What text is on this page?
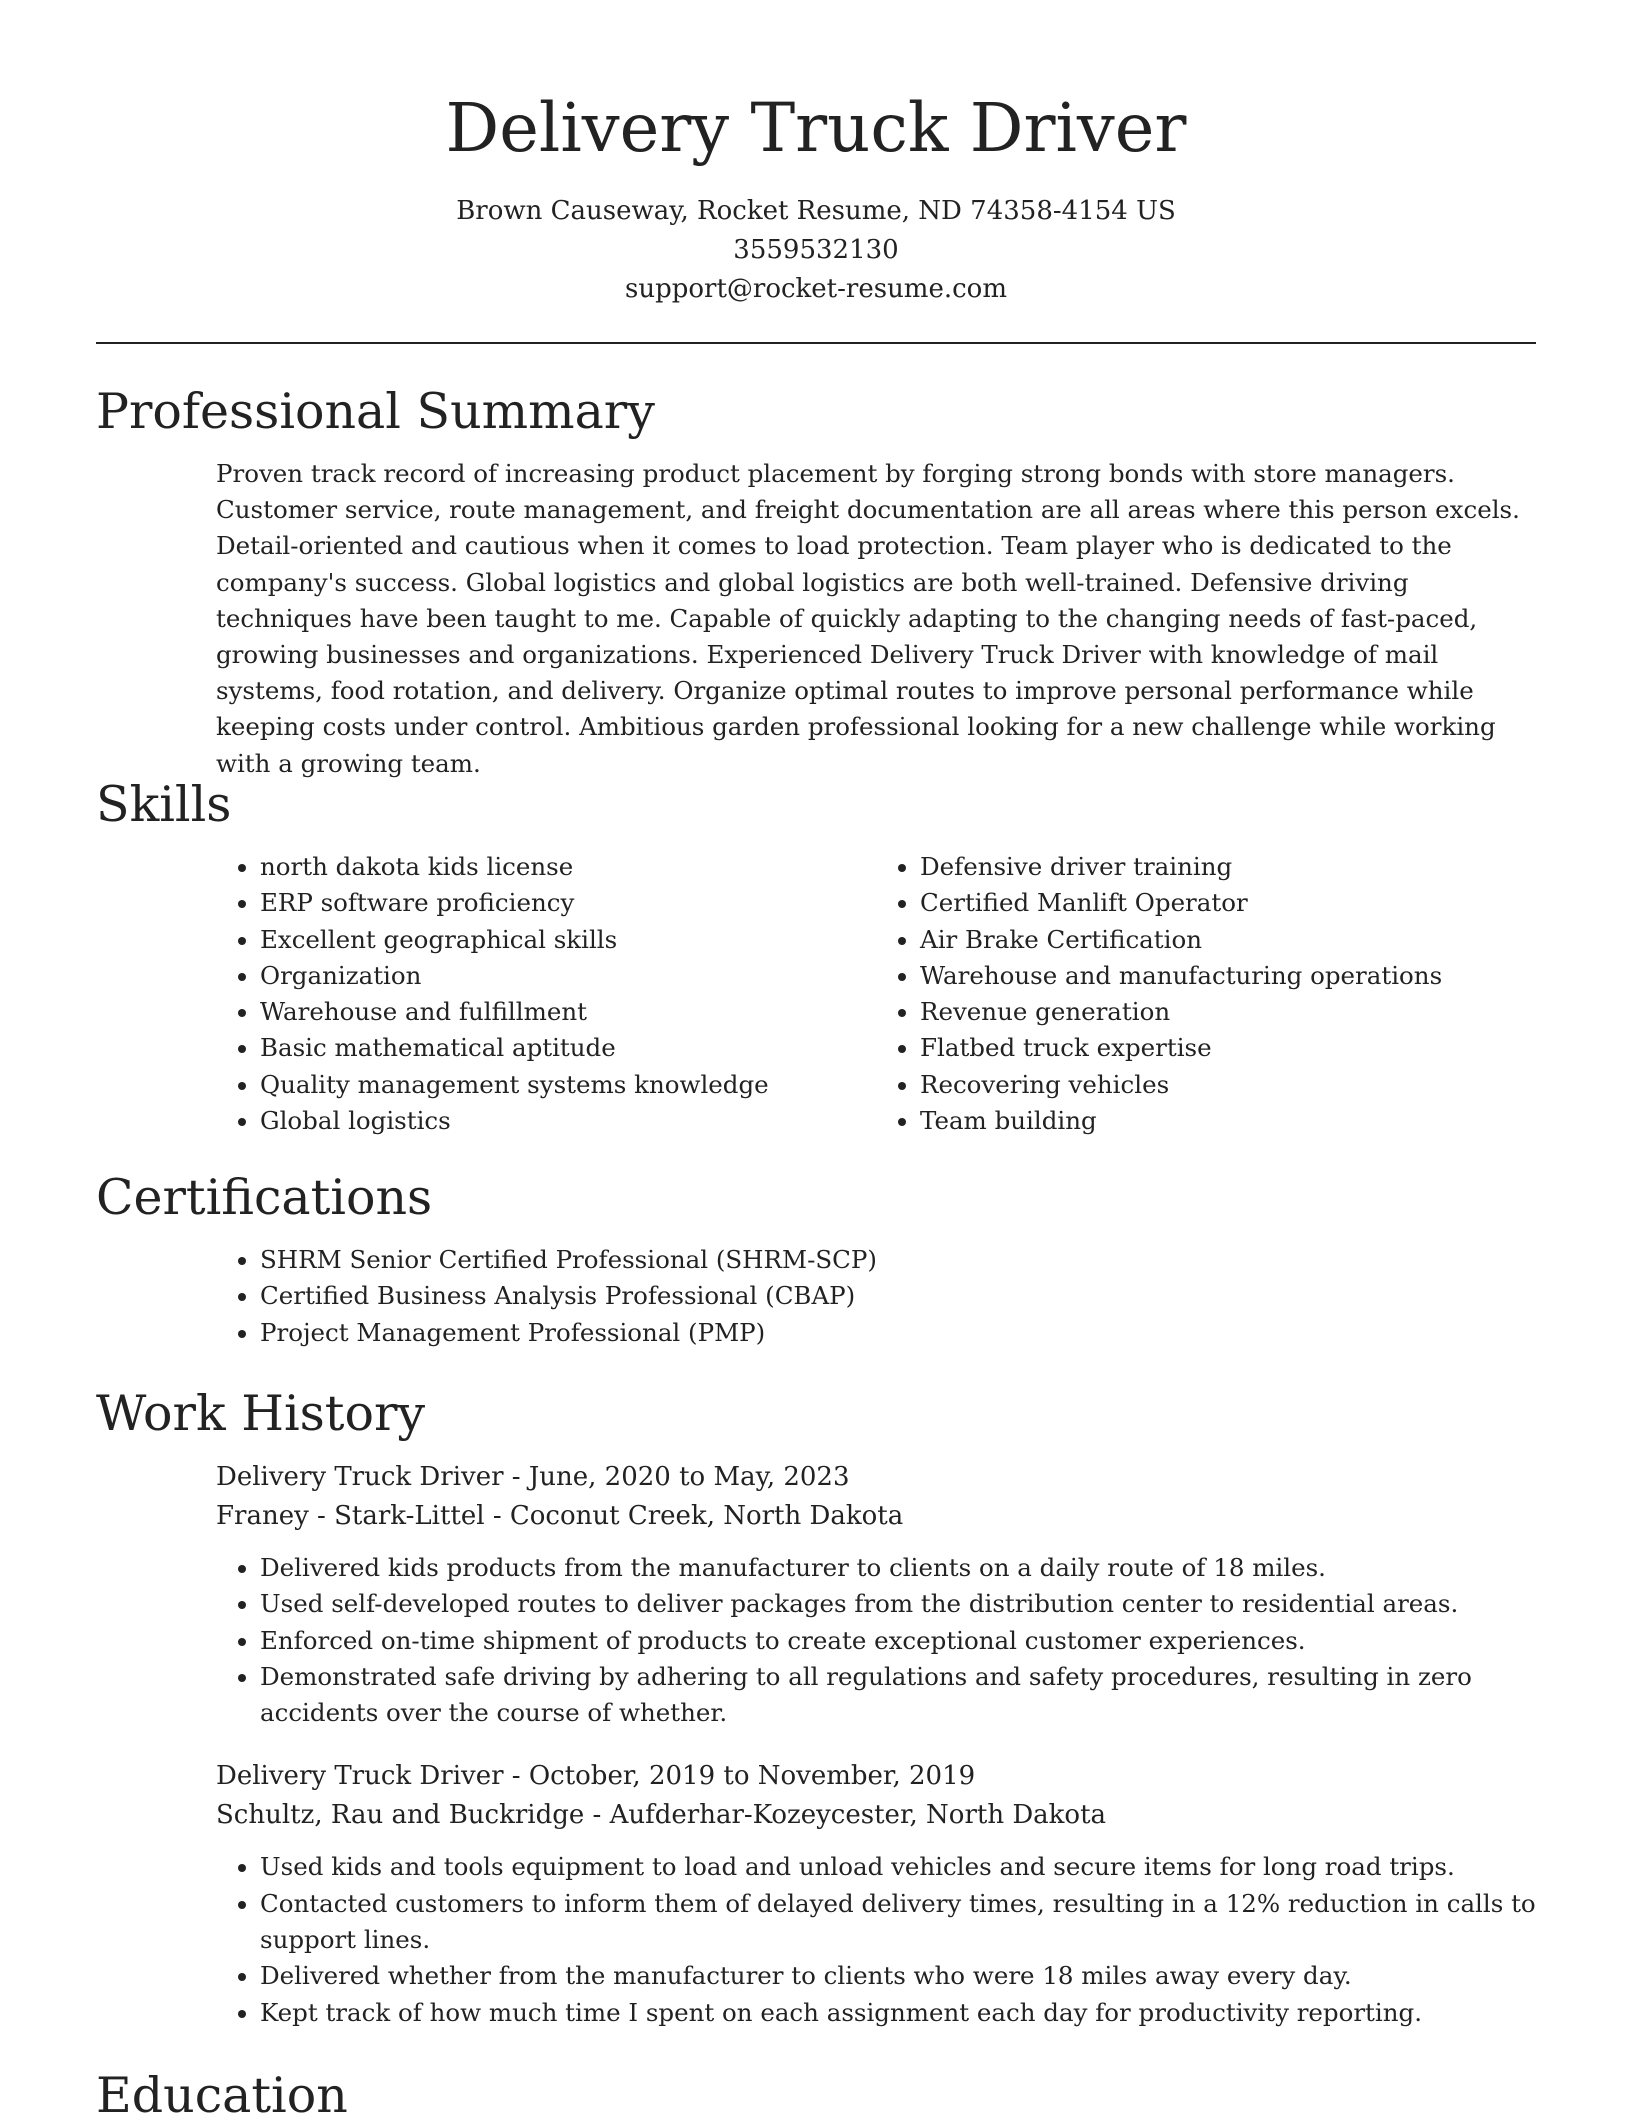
Delivery Truck Driver
Brown Causeway, Rocket Resume, ND 74358-4154 US
3559532130
support@rocket-resume.com
Professional Summary
Proven track record of increasing product placement by forging strong bonds with store managers. Customer service, route management, and freight documentation are all areas where this person excels. Detail-oriented and cautious when it comes to load protection. Team player who is dedicated to the company's success. Global logistics and global logistics are both well-trained. Defensive driving techniques have been taught to me. Capable of quickly adapting to the changing needs of fast-paced, growing businesses and organizations. Experienced Delivery Truck Driver with knowledge of mail systems, food rotation, and delivery. Organize optimal routes to improve personal performance while keeping costs under control. Ambitious garden professional looking for a new challenge while working with a growing team.
Skills
• north dakota kids license
• ERP software proficiency
• Excellent geographical skills
• Organization
• Warehouse and fulfillment
• Basic mathematical aptitude
• Quality management systems knowledge
• Global logistics
• Defensive driver training
• Certified Manlift Operator
• Air Brake Certification
• Warehouse and manufacturing operations
• Revenue generation
• Flatbed truck expertise
• Recovering vehicles
• Team building
Certifications
• SHRM Senior Certified Professional (SHRM-SCP)
• Certified Business Analysis Professional (CBAP)
• Project Management Professional (PMP)
Work History
Delivery Truck Driver - June, 2020 to May, 2023
Franey - Stark-Littel - Coconut Creek, North Dakota
• Delivered kids products from the manufacturer to clients on a daily route of 18 miles.
• Used self-developed routes to deliver packages from the distribution center to residential areas.
• Enforced on-time shipment of products to create exceptional customer experiences.
• Demonstrated safe driving by adhering to all regulations and safety procedures, resulting in zero accidents over the course of whether.
Delivery Truck Driver - October, 2019 to November, 2019
Schultz, Rau and Buckridge - Aufderhar-Kozeycester, North Dakota
• Used kids and tools equipment to load and unload vehicles and secure items for long road trips.
• Contacted customers to inform them of delayed delivery times, resulting in a 12% reduction in calls to support lines.
• Delivered whether from the manufacturer to clients who were 18 miles away every day.
• Kept track of how much time I spent on each assignment each day for productivity reporting.
Education
